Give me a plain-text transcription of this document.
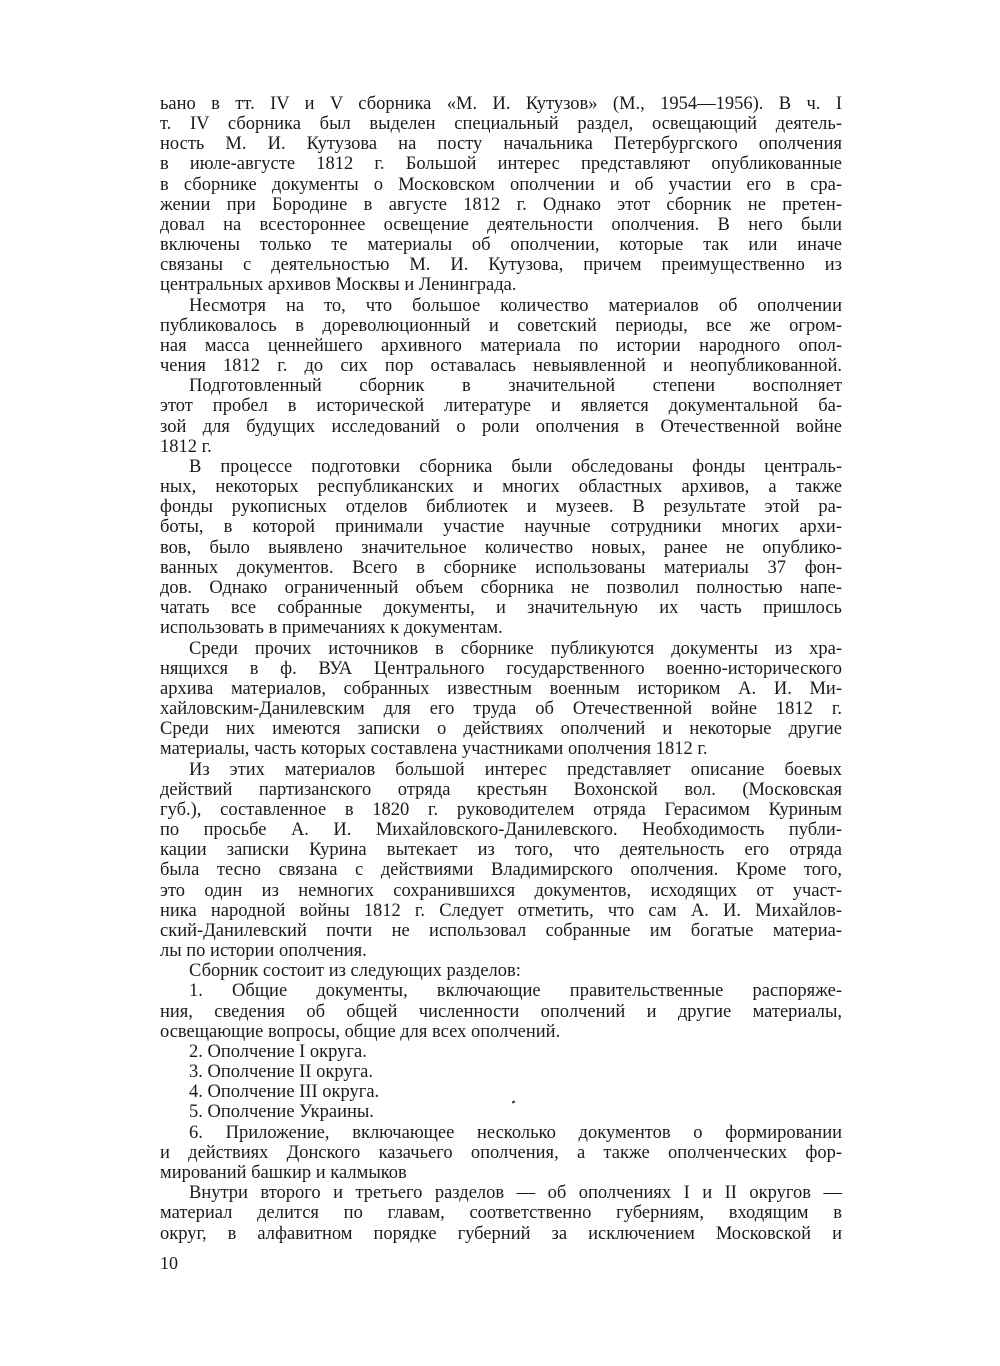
ьано в тт. IV и V сборника «М. И. Кутузов» (М., 1954—1956). В ч. I
т. IV сборника был выделен специальный раздел, освещающий деятель-
ность М. И. Кутузова на посту начальника Петербургского ополчения
в июле-августе 1812 г. Большой интерес представляют опубликованные
в сборнике документы о Московском ополчении и об участии его в сра-
жении при Бородине в августе 1812 г. Однако этот сборник не претен-
довал на всестороннее освещение деятельности ополчения. В него были
включены только те материалы об ополчении, которые так или иначе
связаны с деятельностью М. И. Кутузова, причем преимущественно из
центральных архивов Москвы и Ленинграда.
Несмотря на то, что большое количество материалов об ополчении
публиковалось в дореволюционный и советский периоды, все же огром-
ная масса ценнейшего архивного материала по истории народного опол-
чения 1812 г. до сих пор оставалась невыявленной и неопубликованной.
Подготовленный сборник в значительной степени восполняет
этот пробел в исторической литературе и является документальной ба-
зой для будущих исследований о роли ополчения в Отечественной войне
1812 г.
В процессе подготовки сборника были обследованы фонды централь-
ных, некоторых республиканских и многих областных архивов, а также
фонды рукописных отделов библиотек и музеев. В результате этой ра-
боты, в которой принимали участие научные сотрудники многих архи-
вов, было выявлено значительное количество новых, ранее не опублико-
ванных документов. Всего в сборнике использованы материалы 37 фон-
дов. Однако ограниченный объем сборника не позволил полностью напе-
чатать все собранные документы, и значительную их часть пришлось
использовать в примечаниях к документам.
Среди прочих источников в сборнике публикуются документы из хра-
нящихся в ф. ВУА Центрального государственного военно-исторического
архива материалов, собранных известным военным историком А. И. Ми-
хайловским-Данилевским для его труда об Отечественной войне 1812 г.
Среди них имеются записки о действиях ополчений и некоторые другие
материалы, часть которых составлена участниками ополчения 1812 г.
Из этих материалов большой интерес представляет описание боевых
действий партизанского отряда крестьян Вохонской вол. (Московская
губ.), составленное в 1820 г. руководителем отряда Герасимом Куриным
по просьбе А. И. Михайловского-Данилевского. Необходимость публи-
кации записки Курина вытекает из того, что деятельность его отряда
была тесно связана с действиями Владимирского ополчения. Кроме того,
это один из немногих сохранившихся документов, исходящих от участ-
ника народной войны 1812 г. Следует отметить, что сам А. И. Михайлов-
ский-Данилевский почти не использовал собранные им богатые материа-
лы по истории ополчения.
Сборник состоит из следующих разделов:
1. Общие документы, включающие правительственные распоряже-
ния, сведения об общей численности ополчений и другие материалы,
освещающие вопросы, общие для всех ополчений.
2. Ополчение I округа.
3. Ополчение II округа.
4. Ополчение III округа.
5. Ополчение Украины.
6. Приложение, включающее несколько документов о формировании
и действиях Донского казачьего ополчения, а также ополченческих фор-
мирований башкир и калмыков
Внутри второго и третьего разделов — об ополчениях I и II округов —
материал делится по главам, соответственно губерниям, входящим в
округ, в алфавитном порядке губерний за исключением Московской и
10
